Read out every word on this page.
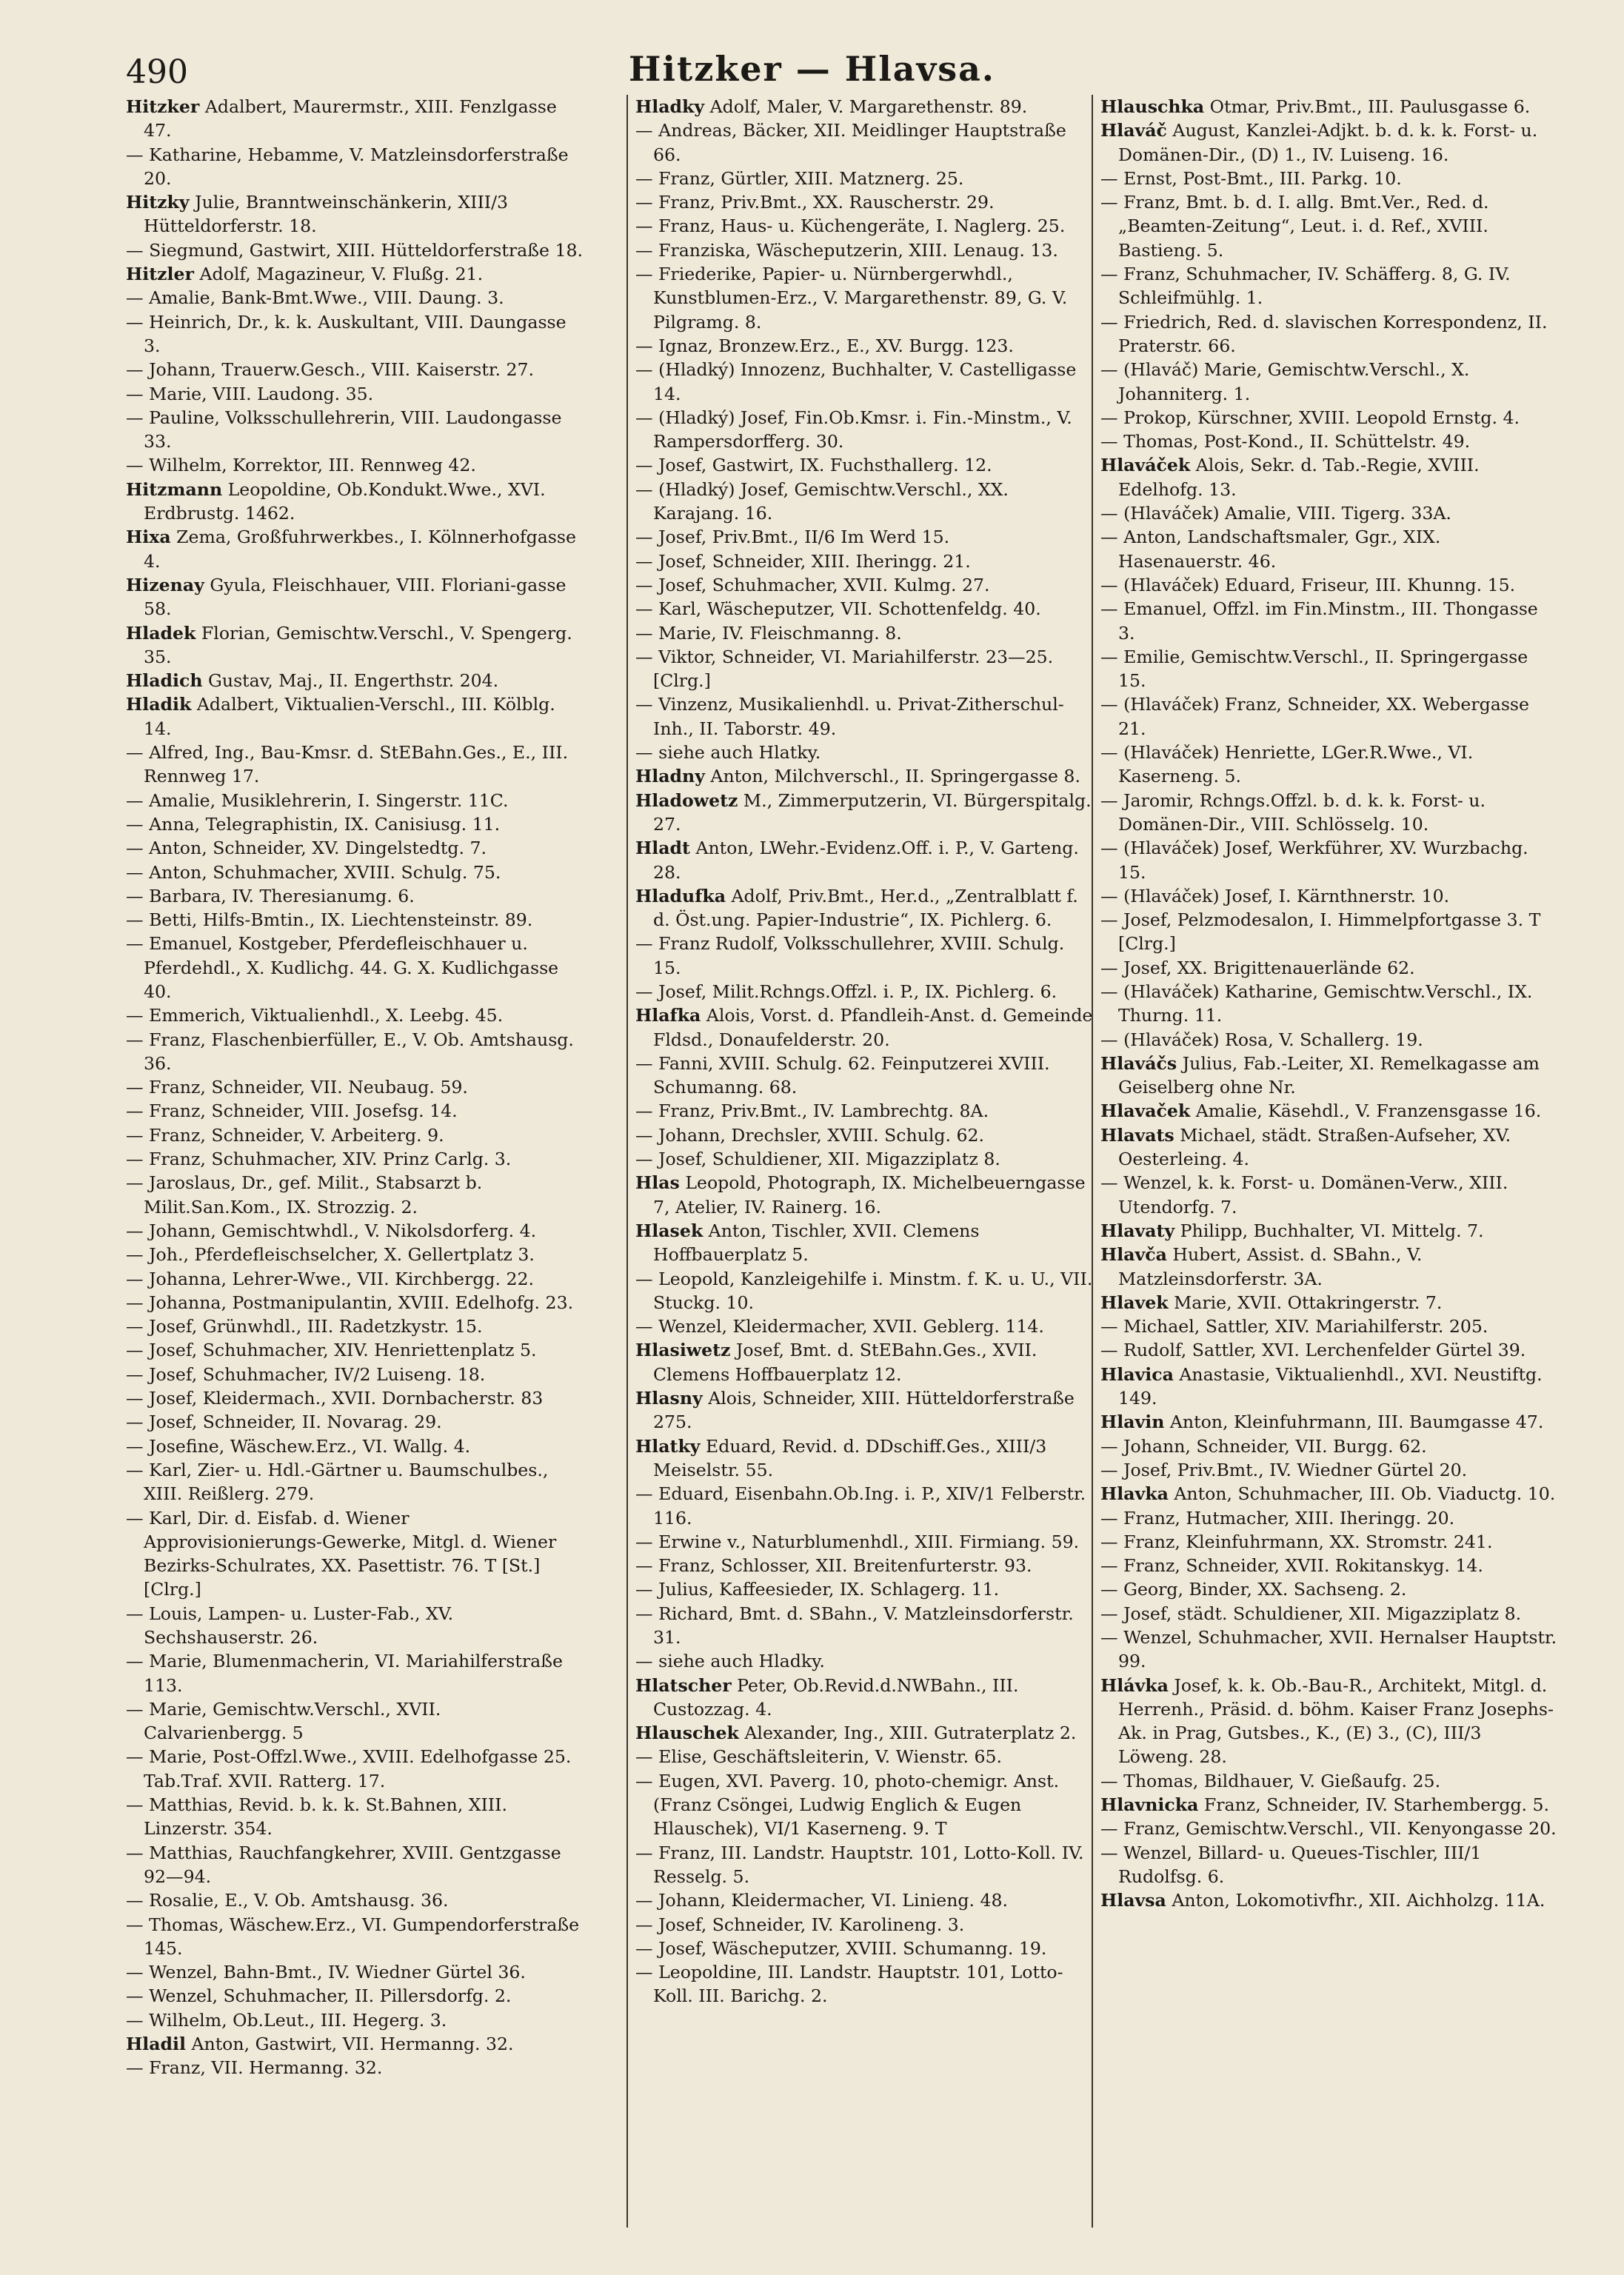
490	Hitzker — Hlavsa.
Hitzker Adalbert, Maurermstr., XIII. Fenzlgasse 47.
— Katharine, Hebamme, V. Matzleinsdorferstraße 20.
Hitzky Julie, Branntweinschänkerin, XIII/3 Hütteldorferstr. 18.
— Siegmund, Gastwirt, XIII. Hütteldorferstraße 18.
Hitzler Adolf, Magazineur, V. Flußg. 21.
— Amalie, Bank-Bmt.Wwe., VIII. Daung. 3.
— Heinrich, Dr., k. k. Auskultant, VIII. Daungasse 3.
— Johann, Trauerw.Gesch., VIII. Kaiserstr. 27.
— Marie, VIII. Laudong. 35.
— Pauline, Volksschullehrerin, VIII. Laudongasse 33.
— Wilhelm, Korrektor, III. Rennweg 42.
Hitzmann Leopoldine, Ob.Kondukt.Wwe., XVI. Erdbrustg. 1462.
Hixa Zema, Großfuhrwerkbes., I. Kölnnerhofgasse 4.
Hizenay Gyula, Fleischhauer, VIII. Floriani-gasse 58.
Hladek Florian, Gemischtw.Verschl., V. Spengerg. 35.
Hladich Gustav, Maj., II. Engerthstr. 204.
Hladik Adalbert, Viktualien-Verschl., III. Kölblg. 14.
— Alfred, Ing., Bau-Kmsr. d. StEBahn.Ges., E., III. Rennweg 17.
— Amalie, Musiklehrerin, I. Singerstr. 11C.
— Anna, Telegraphistin, IX. Canisiusg. 11.
— Anton, Schneider, XV. Dingelstedtg. 7.
— Anton, Schuhmacher, XVIII. Schulg. 75.
— Barbara, IV. Theresianumg. 6.
— Betti, Hilfs-Bmtin., IX. Liechtensteinstr. 89.
— Emanuel, Kostgeber, Pferdefleischhauer u. Pferdehdl., X. Kudlichg. 44. G. X. Kudlichgasse 40.
— Emmerich, Viktualienhdl., X. Leebg. 45.
— Franz, Flaschenbierfüller, E., V. Ob. Amtshausg. 36.
— Franz, Schneider, VII. Neubaug. 59.
— Franz, Schneider, VIII. Josefsg. 14.
— Franz, Schneider, V. Arbeiterg. 9.
— Franz, Schuhmacher, XIV. Prinz Carlg. 3.
— Jaroslaus, Dr., gef. Milit., Stabsarzt b. Milit.San.Kom., IX. Strozzig. 2.
— Johann, Gemischtwhdl., V. Nikolsdorferg. 4.
— Joh., Pferdefleischselcher, X. Gellertplatz 3.
— Johanna, Lehrer-Wwe., VII. Kirchbergg. 22.
— Johanna, Postmanipulantin, XVIII. Edelhofg. 23.
— Josef, Grünwhdl., III. Radetzkystr. 15.
— Josef, Schuhmacher, XIV. Henriettenplatz 5.
— Josef, Schuhmacher, IV/2 Luiseng. 18.
— Josef, Kleidermach., XVII. Dornbacherstr. 83
— Josef, Schneider, II. Novarag. 29.
— Josefine, Wäschew.Erz., VI. Wallg. 4.
— Karl, Zier- u. Hdl.-Gärtner u. Baumschulbes., XIII. Reißlerg. 279.
— Karl, Dir. d. Eisfab. d. Wiener Approvisionierungs-Gewerke, Mitgl. d. Wiener Bezirks-Schulrates, XX. Pasettistr. 76. T [St.] [Clrg.]
— Louis, Lampen- u. Luster-Fab., XV. Sechshauserstr. 26.
— Marie, Blumenmacherin, VI. Mariahilferstraße 113.
— Marie, Gemischtw.Verschl., XVII. Calvarienbergg. 5
— Marie, Post-Offzl.Wwe., XVIII. Edelhofgasse 25. Tab.Traf. XVII. Ratterg. 17.
— Matthias, Revid. b. k. k. St.Bahnen, XIII. Linzerstr. 354.
— Matthias, Rauchfangkehrer, XVIII. Gentzgasse 92—94.
— Rosalie, E., V. Ob. Amtshausg. 36.
— Thomas, Wäschew.Erz., VI. Gumpendorferstraße 145.
— Wenzel, Bahn-Bmt., IV. Wiedner Gürtel 36.
— Wenzel, Schuhmacher, II. Pillersdorfg. 2.
— Wilhelm, Ob.Leut., III. Hegerg. 3.
Hladil Anton, Gastwirt, VII. Hermanng. 32.
— Franz, VII. Hermanng. 32.
Hladky Adolf, Maler, V. Margarethenstr. 89.
— Andreas, Bäcker, XII. Meidlinger Hauptstraße 66.
— Franz, Gürtler, XIII. Matznerg. 25.
— Franz, Priv.Bmt., XX. Rauscherstr. 29.
— Franz, Haus- u. Küchengeräte, I. Naglerg. 25.
— Franziska, Wäscheputzerin, XIII. Lenaug. 13.
— Friederike, Papier- u. Nürnbergerwhdl., Kunstblumen-Erz., V. Margarethenstr. 89, G. V. Pilgramg. 8.
— Ignaz, Bronzew.Erz., E., XV. Burgg. 123.
— (Hladký) Innozenz, Buchhalter, V. Castelligasse 14.
— (Hladký) Josef, Fin.Ob.Kmsr. i. Fin.-Minstm., V. Rampersdorfferg. 30.
— Josef, Gastwirt, IX. Fuchsthallerg. 12.
— (Hladký) Josef, Gemischtw.Verschl., XX. Karajang. 16.
— Josef, Priv.Bmt., II/6 Im Werd 15.
— Josef, Schneider, XIII. Iheringg. 21.
— Josef, Schuhmacher, XVII. Kulmg. 27.
— Karl, Wäscheputzer, VII. Schottenfeldg. 40.
— Marie, IV. Fleischmanng. 8.
— Viktor, Schneider, VI. Mariahilferstr. 23—25. [Clrg.]
— Vinzenz, Musikalienhdl. u. Privat-Zitherschul-Inh., II. Taborstr. 49.
— siehe auch Hlatky.
Hladny Anton, Milchverschl., II. Springergasse 8.
Hladowetz M., Zimmerputzerin, VI. Bürgerspitalg. 27.
Hladt Anton, LWehr.-Evidenz.Off. i. P., V. Garteng. 28.
Hladufka Adolf, Priv.Bmt., Her.d., „Zentralblatt f. d. Öst.ung. Papier-Industrie“, IX. Pichlerg. 6.
— Franz Rudolf, Volksschullehrer, XVIII. Schulg. 15.
— Josef, Milit.Rchngs.Offzl. i. P., IX. Pichlerg. 6.
Hlafka Alois, Vorst. d. Pfandleih-Anst. d. Gemeinde Fldsd., Donaufelderstr. 20.
— Fanni, XVIII. Schulg. 62. Feinputzerei XVIII. Schumanng. 68.
— Franz, Priv.Bmt., IV. Lambrechtg. 8A.
— Johann, Drechsler, XVIII. Schulg. 62.
— Josef, Schuldiener, XII. Migazziplatz 8.
Hlas Leopold, Photograph, IX. Michelbeuerngasse 7, Atelier, IV. Rainerg. 16.
Hlasek Anton, Tischler, XVII. Clemens Hoffbauerplatz 5.
— Leopold, Kanzleigehilfe i. Minstm. f. K. u. U., VII. Stuckg. 10.
— Wenzel, Kleidermacher, XVII. Geblerg. 114.
Hlasiwetz Josef, Bmt. d. StEBahn.Ges., XVII. Clemens Hoffbauerplatz 12.
Hlasny Alois, Schneider, XIII. Hütteldorferstraße 275.
Hlatky Eduard, Revid. d. DDschiff.Ges., XIII/3 Meiselstr. 55.
— Eduard, Eisenbahn.Ob.Ing. i. P., XIV/1 Felberstr. 116.
— Erwine v., Naturblumenhdl., XIII. Firmiang. 59.
— Franz, Schlosser, XII. Breitenfurterstr. 93.
— Julius, Kaffeesieder, IX. Schlagerg. 11.
— Richard, Bmt. d. SBahn., V. Matzleinsdorferstr. 31.
— siehe auch Hladky.
Hlatscher Peter, Ob.Revid.d.NWBahn., III. Custozzag. 4.
Hlauschek Alexander, Ing., XIII. Gutraterplatz 2.
— Elise, Geschäftsleiterin, V. Wienstr. 65.
— Eugen, XVI. Paverg. 10, photo-chemigr. Anst. (Franz Csöngei, Ludwig Englich & Eugen Hlauschek), VI/1 Kaserneng. 9. T
— Franz, III. Landstr. Hauptstr. 101, Lotto-Koll. IV. Resselg. 5.
— Johann, Kleidermacher, VI. Linieng. 48.
— Josef, Schneider, IV. Karolineng. 3.
— Josef, Wäscheputzer, XVIII. Schumanng. 19.
— Leopoldine, III. Landstr. Hauptstr. 101, Lotto-Koll. III. Barichg. 2.
Hlauschka Otmar, Priv.Bmt., III. Paulusgasse 6.
Hlaváč August, Kanzlei-Adjkt. b. d. k. k. Forst- u. Domänen-Dir., (D) 1., IV. Luiseng. 16.
— Ernst, Post-Bmt., III. Parkg. 10.
— Franz, Bmt. b. d. I. allg. Bmt.Ver., Red. d. „Beamten-Zeitung“, Leut. i. d. Ref., XVIII. Bastieng. 5.
— Franz, Schuhmacher, IV. Schäfferg. 8, G. IV. Schleifmühlg. 1.
— Friedrich, Red. d. slavischen Korrespondenz, II. Praterstr. 66.
— (Hlaváč) Marie, Gemischtw.Verschl., X. Johanniterg. 1.
— Prokop, Kürschner, XVIII. Leopold Ernstg. 4.
— Thomas, Post-Kond., II. Schüttelstr. 49.
Hlaváček Alois, Sekr. d. Tab.-Regie, XVIII. Edelhofg. 13.
— (Hlaváček) Amalie, VIII. Tigerg. 33A.
— Anton, Landschaftsmaler, Ggr., XIX. Hasenauerstr. 46.
— (Hlaváček) Eduard, Friseur, III. Khunng. 15.
— Emanuel, Offzl. im Fin.Minstm., III. Thongasse 3.
— Emilie, Gemischtw.Verschl., II. Springergasse 15.
— (Hlaváček) Franz, Schneider, XX. Webergasse 21.
— (Hlaváček) Henriette, LGer.R.Wwe., VI. Kaserneng. 5.
— Jaromir, Rchngs.Offzl. b. d. k. k. Forst- u. Domänen-Dir., VIII. Schlösselg. 10.
— (Hlaváček) Josef, Werkführer, XV. Wurzbachg. 15.
— (Hlaváček) Josef, I. Kärnthnerstr. 10.
— Josef, Pelzmodesalon, I. Himmelpfortgasse 3. T [Clrg.]
— Josef, XX. Brigittenauerlände 62.
— (Hlaváček) Katharine, Gemischtw.Verschl., IX. Thurng. 11.
— (Hlaváček) Rosa, V. Schallerg. 19.
Hlaváčs Julius, Fab.-Leiter, XI. Remelkagasse am Geiselberg ohne Nr.
Hlavaček Amalie, Käsehdl., V. Franzensgasse 16.
Hlavats Michael, städt. Straßen-Aufseher, XV. Oesterleing. 4.
— Wenzel, k. k. Forst- u. Domänen-Verw., XIII. Utendorfg. 7.
Hlavaty Philipp, Buchhalter, VI. Mittelg. 7.
Hlavča Hubert, Assist. d. SBahn., V. Matzleinsdorferstr. 3A.
Hlavek Marie, XVII. Ottakringerstr. 7.
— Michael, Sattler, XIV. Mariahilferstr. 205.
— Rudolf, Sattler, XVI. Lerchenfelder Gürtel 39.
Hlavica Anastasie, Viktualienhdl., XVI. Neustiftg. 149.
Hlavin Anton, Kleinfuhrmann, III. Baumgasse 47.
— Johann, Schneider, VII. Burgg. 62.
— Josef, Priv.Bmt., IV. Wiedner Gürtel 20.
Hlavka Anton, Schuhmacher, III. Ob. Viaductg. 10.
— Franz, Hutmacher, XIII. Iheringg. 20.
— Franz, Kleinfuhrmann, XX. Stromstr. 241.
— Franz, Schneider, XVII. Rokitanskyg. 14.
— Georg, Binder, XX. Sachseng. 2.
— Josef, städt. Schuldiener, XII. Migazziplatz 8.
— Wenzel, Schuhmacher, XVII. Hernalser Hauptstr. 99.
Hlávka Josef, k. k. Ob.-Bau-R., Architekt, Mitgl. d. Herrenh., Präsid. d. böhm. Kaiser Franz Josephs-Ak. in Prag, Gutsbes., K., (E) 3., (C), III/3 Löweng. 28.
— Thomas, Bildhauer, V. Gießaufg. 25.
Hlavnicka Franz, Schneider, IV. Starhembergg. 5.
— Franz, Gemischtw.Verschl., VII. Kenyongasse 20.
— Wenzel, Billard- u. Queues-Tischler, III/1 Rudolfsg. 6.
Hlavsa Anton, Lokomotivfhr., XII. Aichholzg. 11A.
